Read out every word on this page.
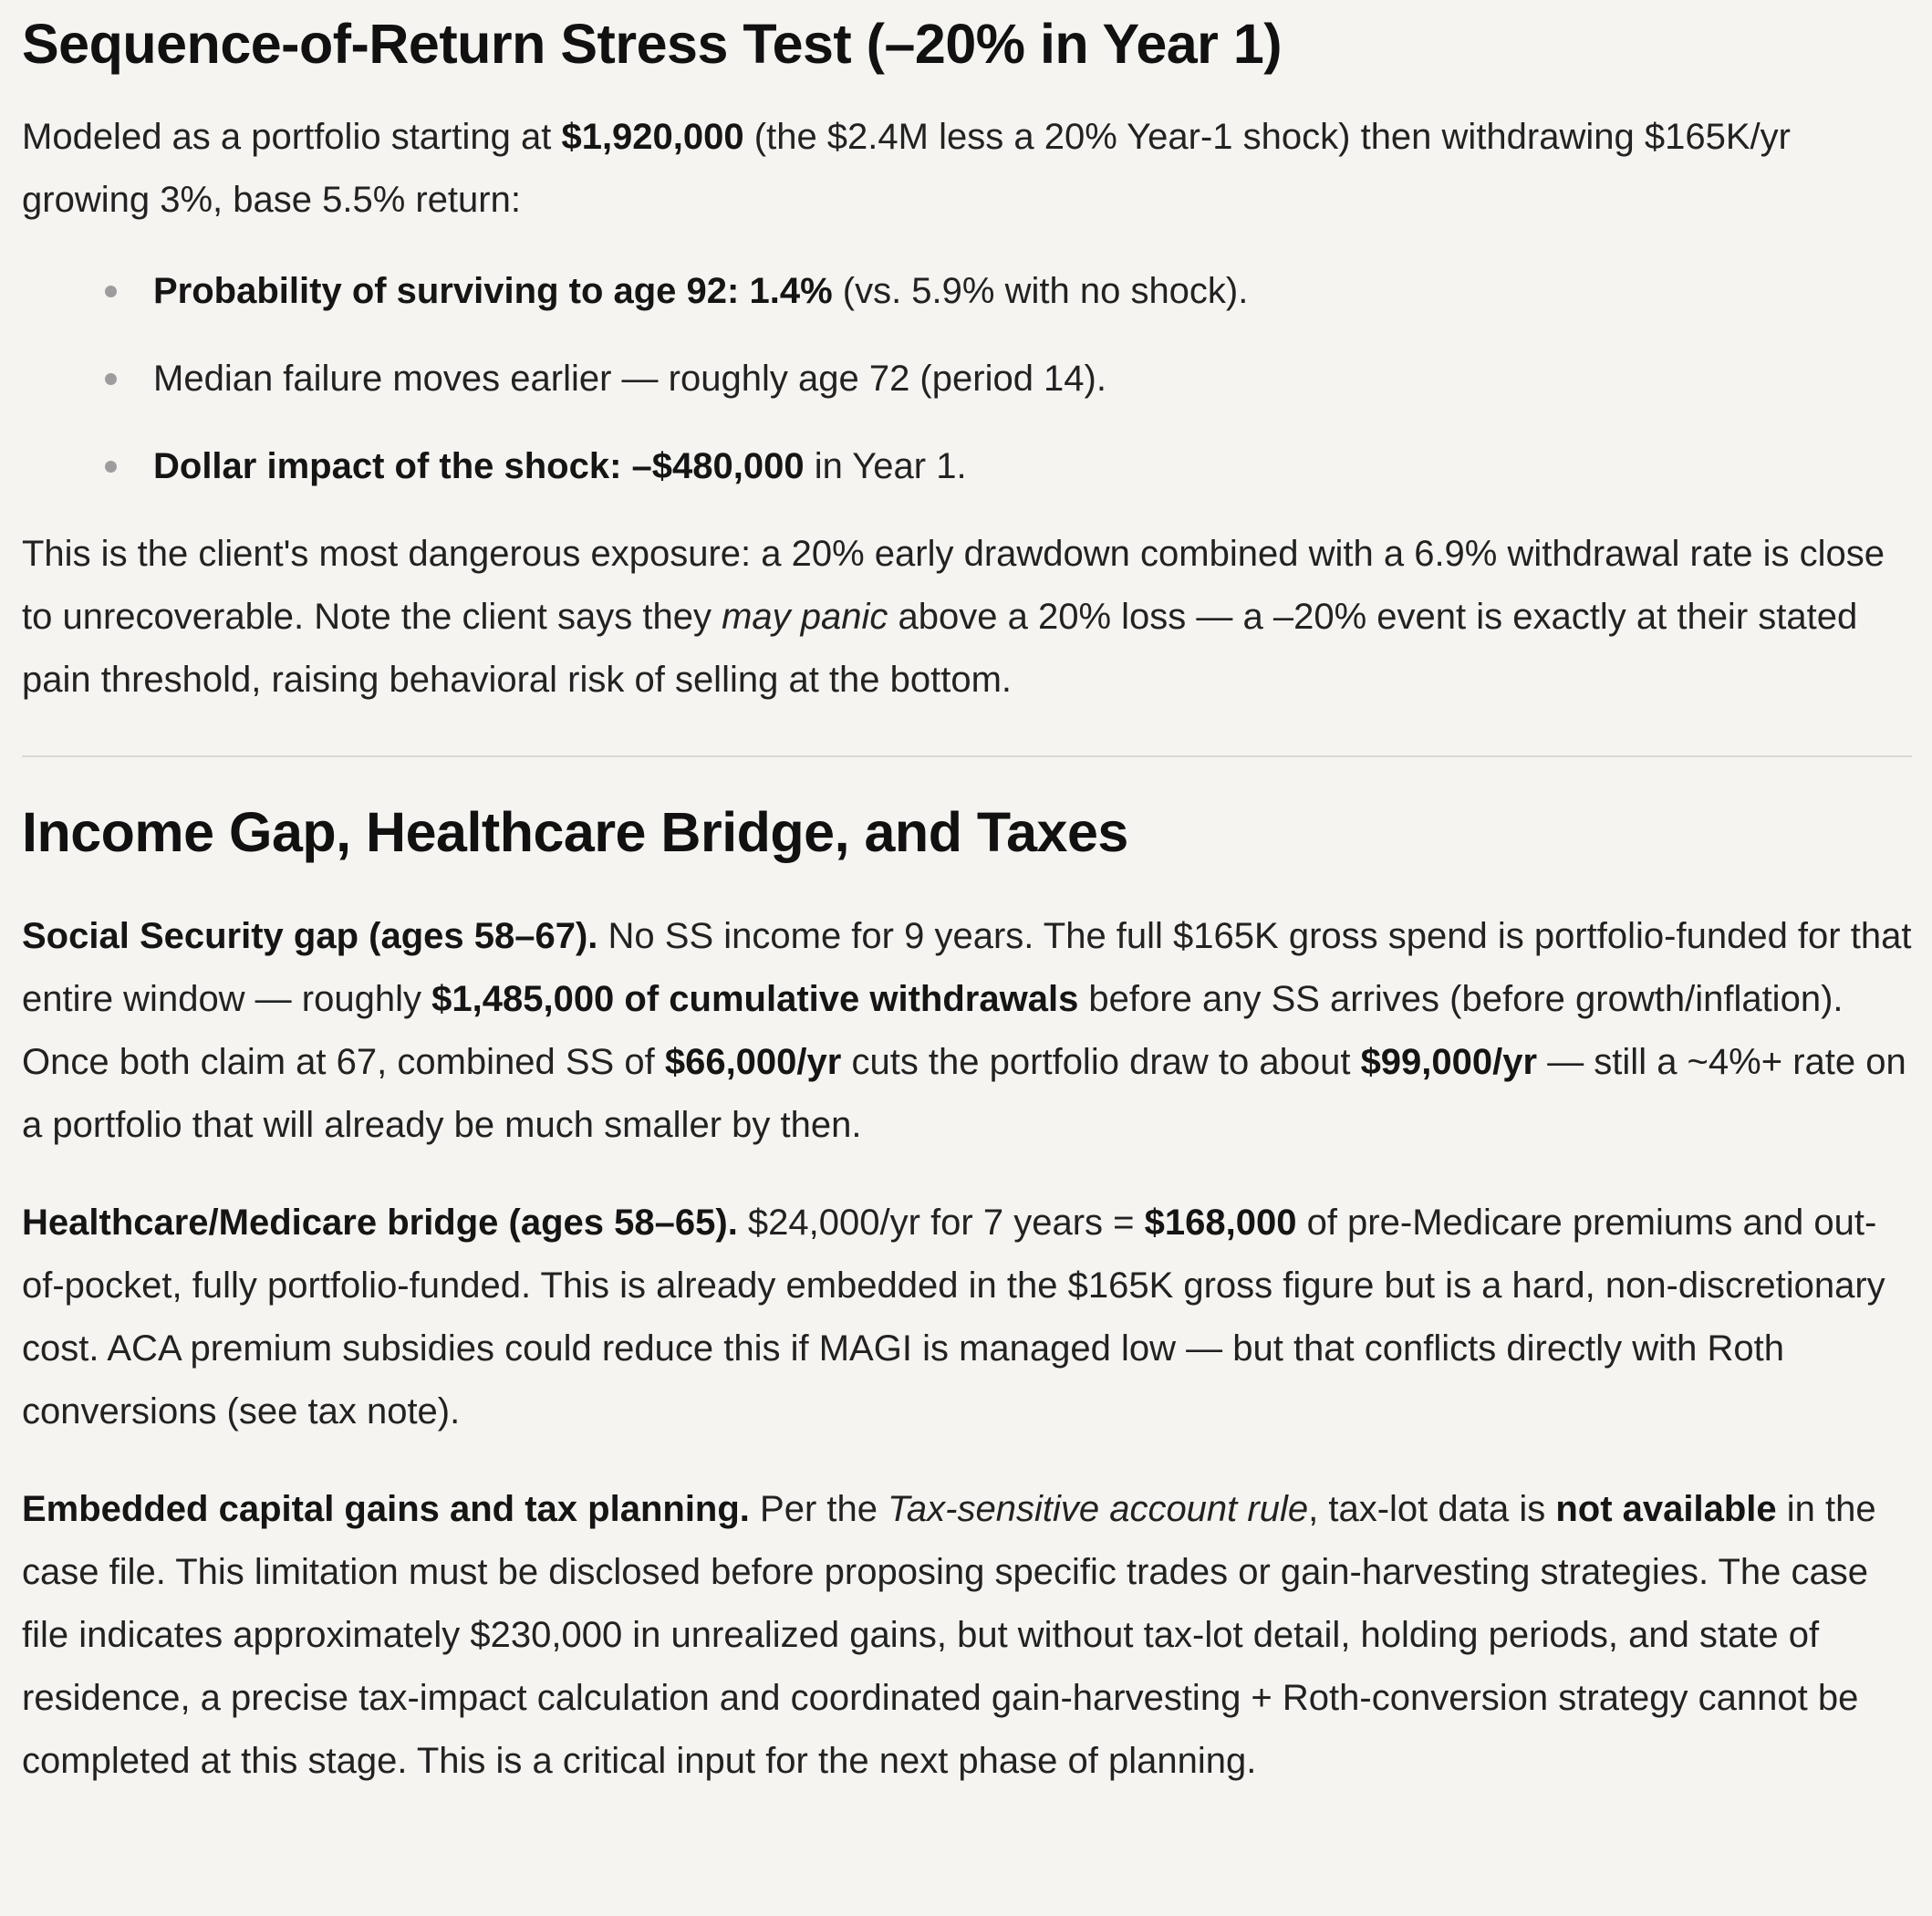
Sequence-of-Return Stress Test (–20% in Year 1)

Modeled as a portfolio starting at $1,920,000 (the $2.4M less a 20% Year-1 shock) then withdrawing $165K/yr growing 3%, base 5.5% return:

Probability of surviving to age 92: 1.4% (vs. 5.9% with no shock).
Median failure moves earlier — roughly age 72 (period 14).
Dollar impact of the shock: –$480,000 in Year 1.

This is the client's most dangerous exposure: a 20% early drawdown combined with a 6.9% withdrawal rate is close to unrecoverable. Note the client says they may panic above a 20% loss — a –20% event is exactly at their stated pain threshold, raising behavioral risk of selling at the bottom.

Income Gap, Healthcare Bridge, and Taxes

Social Security gap (ages 58–67). No SS income for 9 years. The full $165K gross spend is portfolio-funded for that entire window — roughly $1,485,000 of cumulative withdrawals before any SS arrives (before growth/inflation). Once both claim at 67, combined SS of $66,000/yr cuts the portfolio draw to about $99,000/yr — still a ~4%+ rate on a portfolio that will already be much smaller by then.

Healthcare/Medicare bridge (ages 58–65). $24,000/yr for 7 years = $168,000 of pre-Medicare premiums and out-of-pocket, fully portfolio-funded. This is already embedded in the $165K gross figure but is a hard, non-discretionary cost. ACA premium subsidies could reduce this if MAGI is managed low — but that conflicts directly with Roth conversions (see tax note).

Embedded capital gains and tax planning. Per the Tax-sensitive account rule, tax-lot data is not available in the case file. This limitation must be disclosed before proposing specific trades or gain-harvesting strategies. The case file indicates approximately $230,000 in unrealized gains, but without tax-lot detail, holding periods, and state of residence, a precise tax-impact calculation and coordinated gain-harvesting + Roth-conversion strategy cannot be completed at this stage. This is a critical input for the next phase of planning.
